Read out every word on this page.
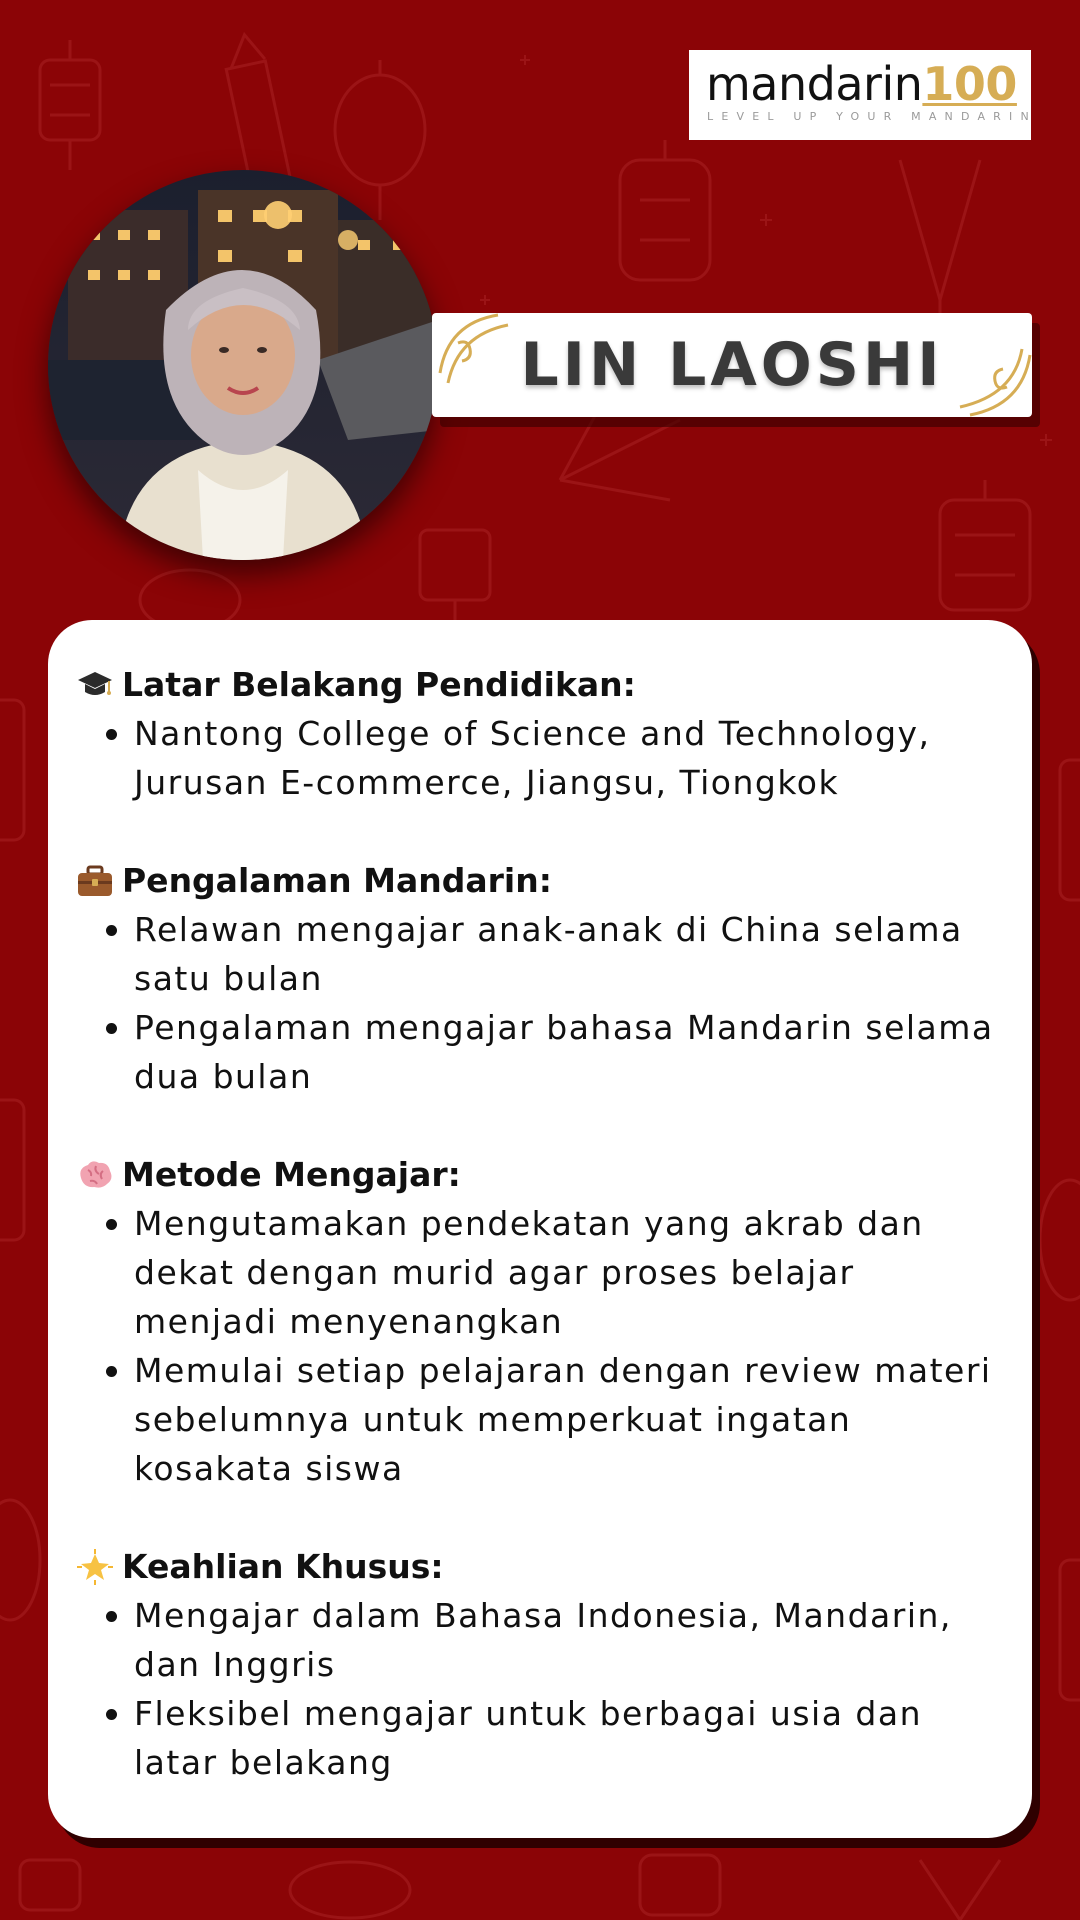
mandarin100
LEVEL UP YOUR MANDARIN
LIN LAOSHI
Latar Belakang Pendidikan:
Nantong College of Science and Technology, Jurusan E-commerce, Jiangsu, Tiongkok
Pengalaman Mandarin:
Relawan mengajar anak-anak di China selama satu bulan
Pengalaman mengajar bahasa Mandarin selama dua bulan
Metode Mengajar:
Mengutamakan pendekatan yang akrab dan dekat dengan murid agar proses belajar menjadi menyenangkan
Memulai setiap pelajaran dengan review materi sebelumnya untuk memperkuat ingatan kosakata siswa
Keahlian Khusus:
Mengajar dalam Bahasa Indonesia, Mandarin, dan Inggris
Fleksibel mengajar untuk berbagai usia dan latar belakang
